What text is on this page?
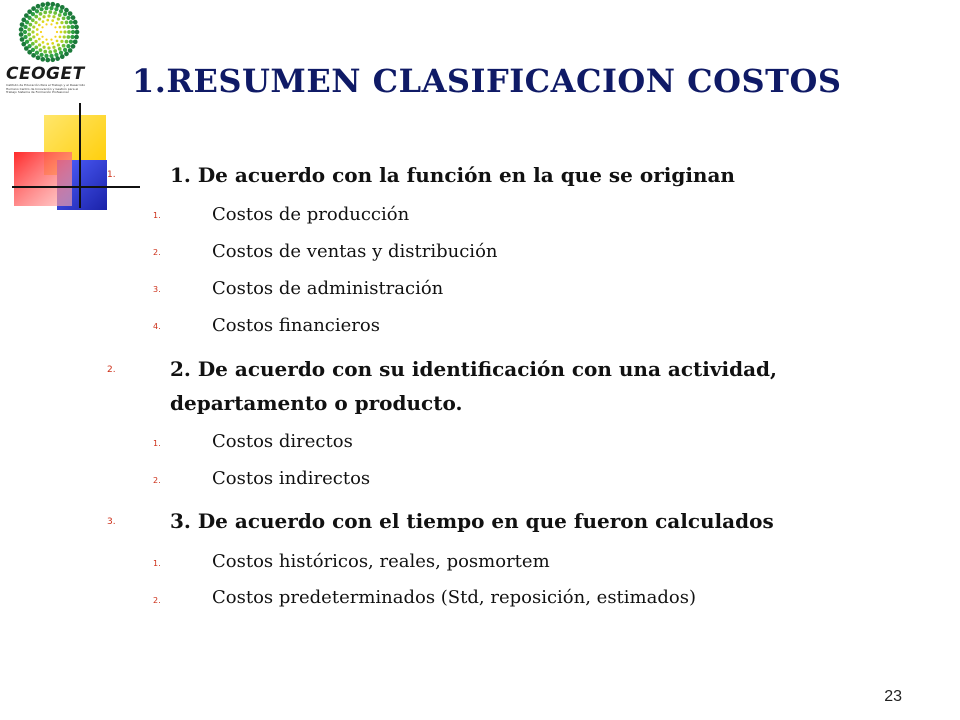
CEOGET
Instituto de Educación Para el Trabajo y el Desarrollo Humano Centro de Innovación y Gestión para el Trabajo Sistema de Formación Profesional	1.RESUMEN CLASIFICACION COSTOS
1.	1. De acuerdo con la función en la que se originan
1.	Costos de producción
2.	Costos de ventas y distribución
3.	Costos de administración
4.	Costos financieros
2.	2. De acuerdo con su identificación con una actividad,
departamento o producto.
1.	Costos directos
2.	Costos indirectos
3.	3. De acuerdo con el tiempo en que fueron calculados
1.	Costos históricos, reales, posmortem
2.	Costos predeterminados (Std, reposición, estimados)
23
